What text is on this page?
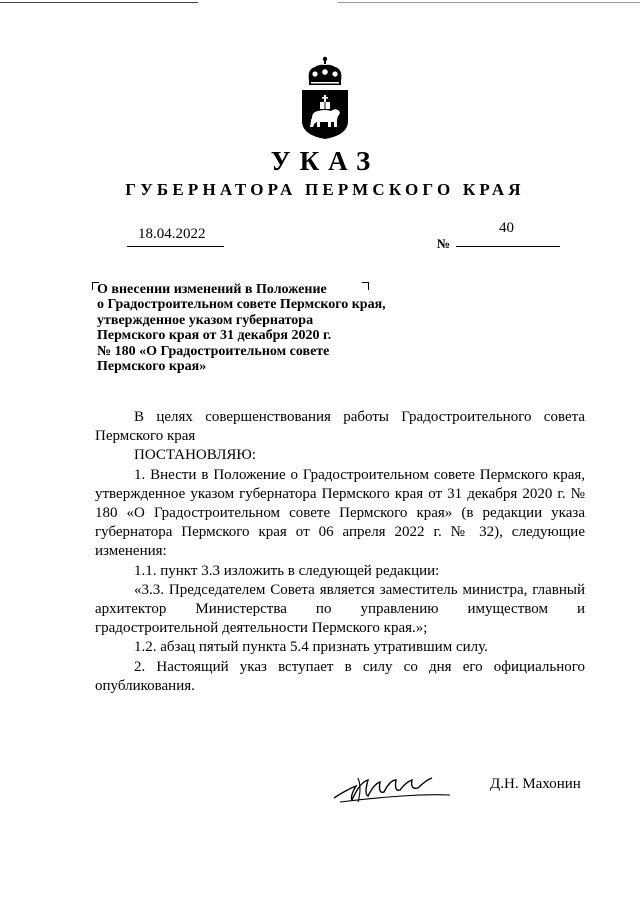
УКАЗ
ГУБЕРНАТОРА ПЕРМСКОГО КРАЯ
18.04.2022
№
40
О внесении изменений в Положение
о Градостроительном совете Пермского края,
утвержденное указом губернатора
Пермского края от 31 декабря 2020 г.
№ 180 «О Градостроительном совете
Пермского края»

В целях совершенствования работы Градостроительного совета Пермского края

ПОСТАНОВЛЯЮ:

1. Внести в Положение о Градостроительном совете Пермского края, утвержденное указом губернатора Пермского края от 31 декабря 2020 г. № 180 «О Градостроительном совете Пермского края» (в редакции указа губернатора Пермского края от 06 апреля 2022 г. № 32), следующие изменения:

1.1. пункт 3.3 изложить в следующей редакции:

«3.3. Председателем Совета является заместитель министра, главный архитектор Министерства по управлению имуществом и градостроительной деятельности Пермского края.»;

1.2. абзац пятый пункта 5.4 признать утратившим силу.

2. Настоящий указ вступает в силу со дня его официального опубликования.

Д.Н. Махонин
